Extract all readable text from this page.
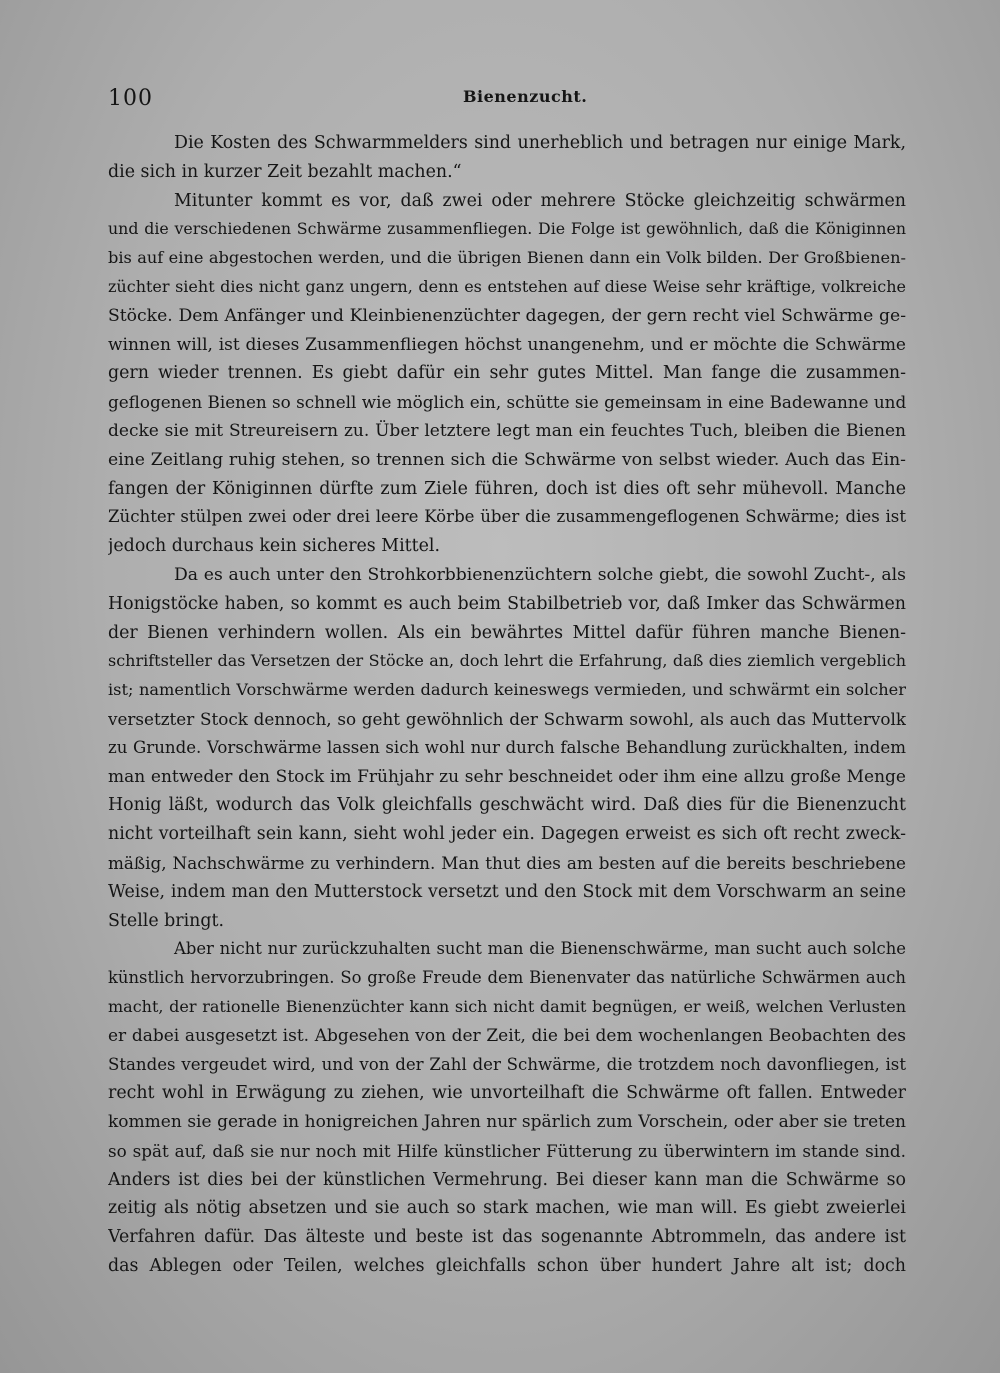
100	Bienenzucht.
Die Kosten des Schwarmmelders sind unerheblich und betragen nur einige Mark,
die sich in kurzer Zeit bezahlt machen.“
Mitunter kommt es vor, daß zwei oder mehrere Stöcke gleichzeitig schwärmen
und die verschiedenen Schwärme zusammenfliegen. Die Folge ist gewöhnlich, daß die Königinnen
bis auf eine abgestochen werden, und die übrigen Bienen dann ein Volk bilden. Der Großbienen-
züchter sieht dies nicht ganz ungern, denn es entstehen auf diese Weise sehr kräftige, volkreiche
Stöcke. Dem Anfänger und Kleinbienenzüchter dagegen, der gern recht viel Schwärme ge-
winnen will, ist dieses Zusammenfliegen höchst unangenehm, und er möchte die Schwärme
gern wieder trennen. Es giebt dafür ein sehr gutes Mittel. Man fange die zusammen-
geflogenen Bienen so schnell wie möglich ein, schütte sie gemeinsam in eine Badewanne und
decke sie mit Streureisern zu. Über letztere legt man ein feuchtes Tuch, bleiben die Bienen
eine Zeitlang ruhig stehen, so trennen sich die Schwärme von selbst wieder. Auch das Ein-
fangen der Königinnen dürfte zum Ziele führen, doch ist dies oft sehr mühevoll. Manche
Züchter stülpen zwei oder drei leere Körbe über die zusammengeflogenen Schwärme; dies ist
jedoch durchaus kein sicheres Mittel.
Da es auch unter den Strohkorbbienenzüchtern solche giebt, die sowohl Zucht-, als
Honigstöcke haben, so kommt es auch beim Stabilbetrieb vor, daß Imker das Schwärmen
der Bienen verhindern wollen. Als ein bewährtes Mittel dafür führen manche Bienen-
schriftsteller das Versetzen der Stöcke an, doch lehrt die Erfahrung, daß dies ziemlich vergeblich
ist; namentlich Vorschwärme werden dadurch keineswegs vermieden, und schwärmt ein solcher
versetzter Stock dennoch, so geht gewöhnlich der Schwarm sowohl, als auch das Muttervolk
zu Grunde. Vorschwärme lassen sich wohl nur durch falsche Behandlung zurückhalten, indem
man entweder den Stock im Frühjahr zu sehr beschneidet oder ihm eine allzu große Menge
Honig läßt, wodurch das Volk gleichfalls geschwächt wird. Daß dies für die Bienenzucht
nicht vorteilhaft sein kann, sieht wohl jeder ein. Dagegen erweist es sich oft recht zweck-
mäßig, Nachschwärme zu verhindern. Man thut dies am besten auf die bereits beschriebene
Weise, indem man den Mutterstock versetzt und den Stock mit dem Vorschwarm an seine
Stelle bringt.
Aber nicht nur zurückzuhalten sucht man die Bienenschwärme, man sucht auch solche
künstlich hervorzubringen. So große Freude dem Bienenvater das natürliche Schwärmen auch
macht, der rationelle Bienenzüchter kann sich nicht damit begnügen, er weiß, welchen Verlusten
er dabei ausgesetzt ist. Abgesehen von der Zeit, die bei dem wochenlangen Beobachten des
Standes vergeudet wird, und von der Zahl der Schwärme, die trotzdem noch davonfliegen, ist
recht wohl in Erwägung zu ziehen, wie unvorteilhaft die Schwärme oft fallen. Entweder
kommen sie gerade in honigreichen Jahren nur spärlich zum Vorschein, oder aber sie treten
so spät auf, daß sie nur noch mit Hilfe künstlicher Fütterung zu überwintern im stande sind.
Anders ist dies bei der künstlichen Vermehrung. Bei dieser kann man die Schwärme so
zeitig als nötig absetzen und sie auch so stark machen, wie man will. Es giebt zweierlei
Verfahren dafür. Das älteste und beste ist das sogenannte Abtrommeln, das andere ist
das Ablegen oder Teilen, welches gleichfalls schon über hundert Jahre alt ist; doch
